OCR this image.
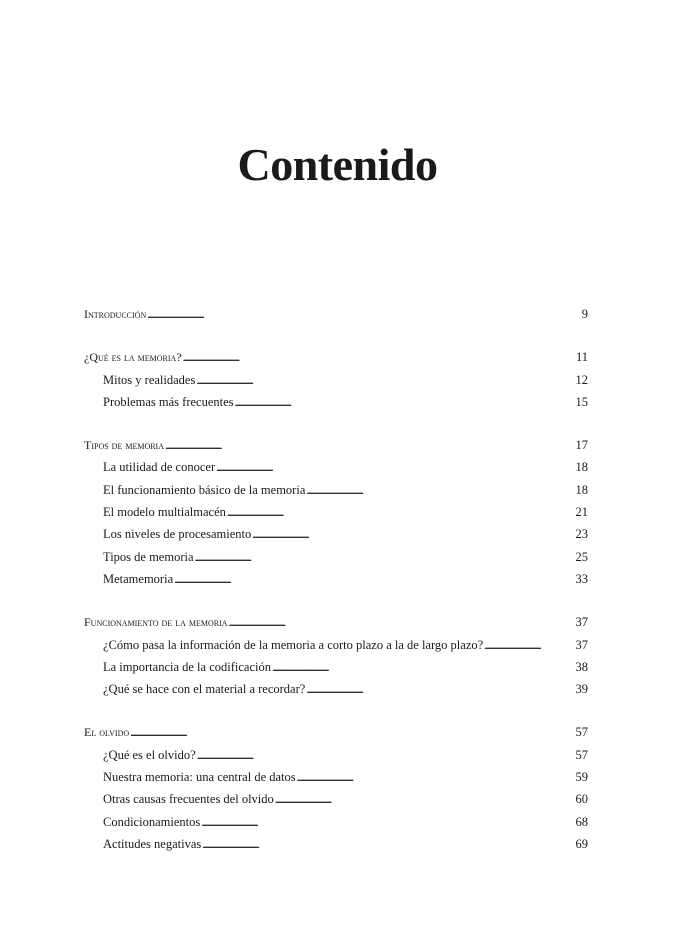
Contenido
Introducción . . .	9
¿Qué es la memoria? . . .	11
Mitos y realidades . . .	12
Problemas más frecuentes . . .	15
Tipos de memoria . . .	17
La utilidad de conocer . . .	18
El funcionamiento básico de la memoria . . .	18
El modelo multialmacén . . .	21
Los niveles de procesamiento . . .	23
Tipos de memoria . . .	25
Metamemoria . . .	33
Funcionamiento de la memoria . . .	37
¿Cómo pasa la información de la memoria a corto plazo a la de largo plazo? . . .	37
La importancia de la codificación . . .	38
¿Qué se hace con el material a recordar? . . .	39
El olvido . . .	57
¿Qué es el olvido? . . .	57
Nuestra memoria: una central de datos . . .	59
Otras causas frecuentes del olvido . . .	60
Condicionamientos . . .	68
Actitudes negativas . . .	69
